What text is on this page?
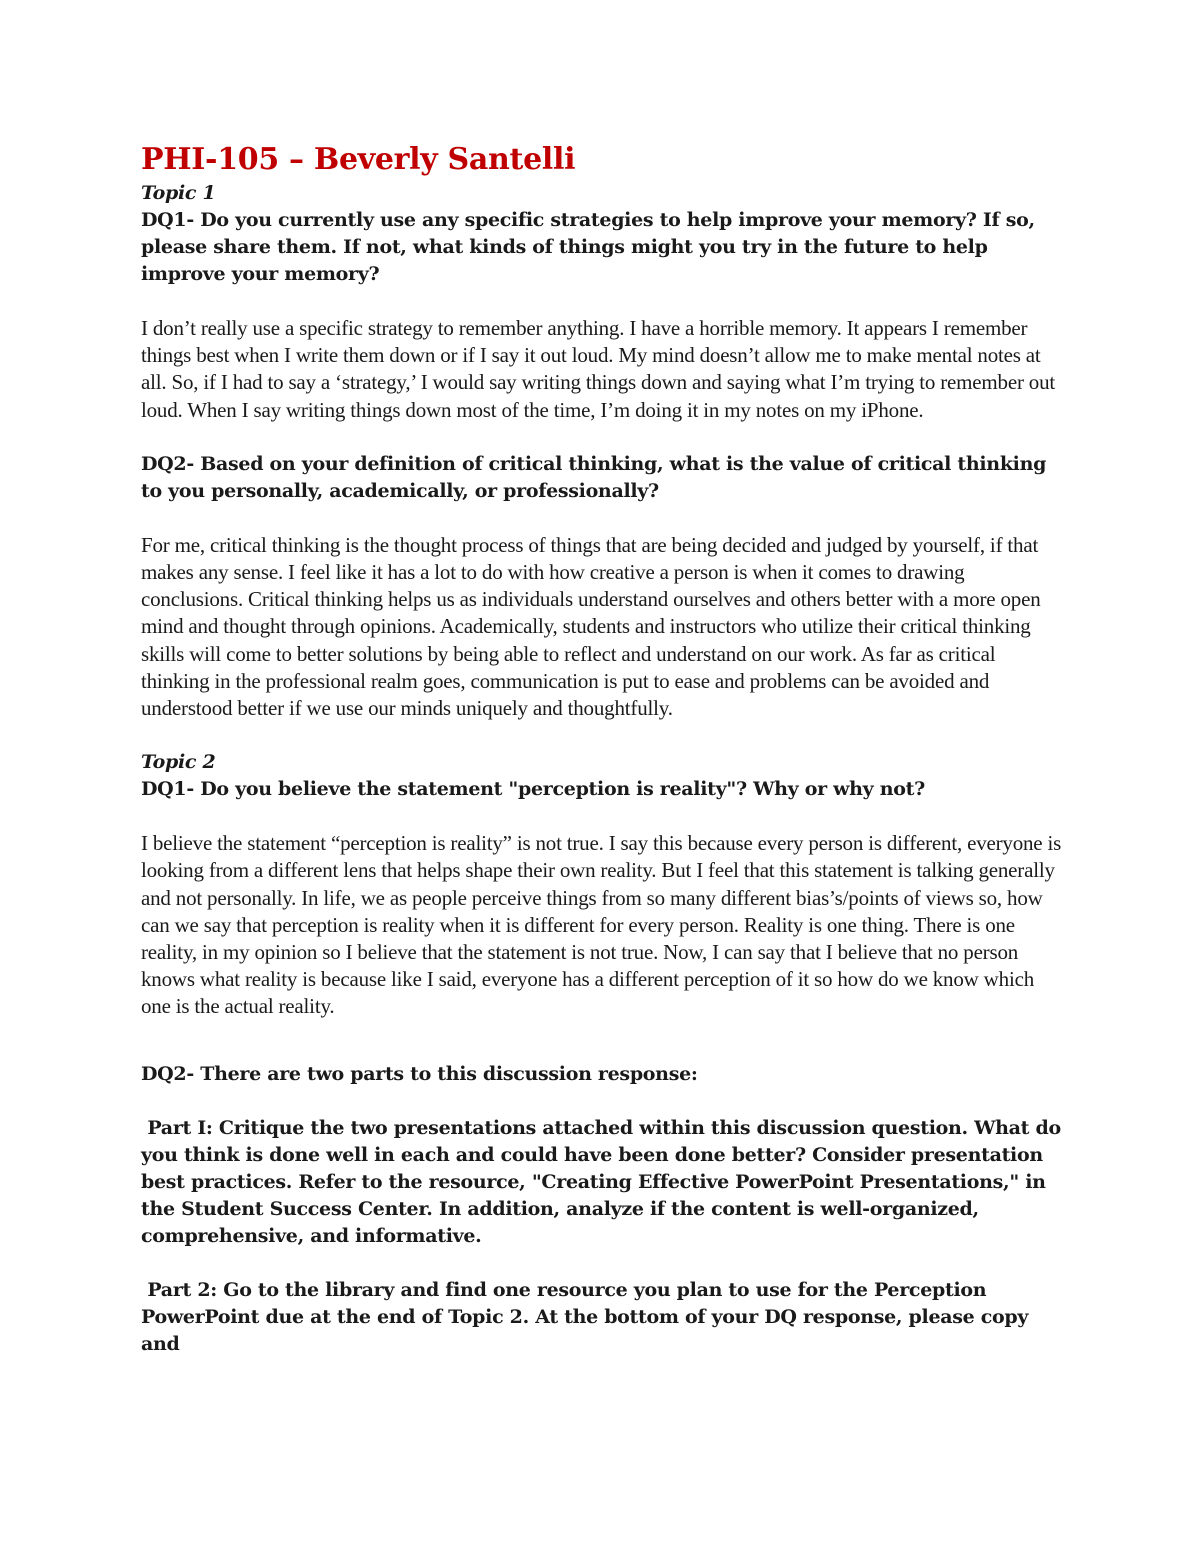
PHI-105 – Beverly Santelli

Topic 1

DQ1- Do you currently use any specific strategies to help improve your memory? If so, please share them. If not, what kinds of things might you try in the future to help improve your memory?

I don’t really use a specific strategy to remember anything. I have a horrible memory. It appears I remember things best when I write them down or if I say it out loud. My mind doesn’t allow me to make mental notes at all. So, if I had to say a ‘strategy,’ I would say writing things down and saying what I’m trying to remember out loud. When I say writing things down most of the time, I’m doing it in my notes on my iPhone.

DQ2- Based on your definition of critical thinking, what is the value of critical thinking to you personally, academically, or professionally?

For me, critical thinking is the thought process of things that are being decided and judged by yourself, if that makes any sense. I feel like it has a lot to do with how creative a person is when it comes to drawing conclusions. Critical thinking helps us as individuals understand ourselves and others better with a more open mind and thought through opinions. Academically, students and instructors who utilize their critical thinking skills will come to better solutions by being able to reflect and understand on our work. As far as critical thinking in the professional realm goes, communication is put to ease and problems can be avoided and understood better if we use our minds uniquely and thoughtfully.

Topic 2

DQ1- Do you believe the statement "perception is reality"? Why or why not?

I believe the statement “perception is reality” is not true. I say this because every person is different, everyone is looking from a different lens that helps shape their own reality. But I feel that this statement is talking generally and not personally. In life, we as people perceive things from so many different bias’s/points of views so, how can we say that perception is reality when it is different for every person. Reality is one thing. There is one reality, in my opinion so I believe that the statement is not true. Now, I can say that I believe that no person knows what reality is because like I said, everyone has a different perception of it so how do we know which one is the actual reality.

DQ2- There are two parts to this discussion response:

Part I: Critique the two presentations attached within this discussion question. What do you think is done well in each and could have been done better? Consider presentation best practices. Refer to the resource, "Creating Effective PowerPoint Presentations," in the Student Success Center. In addition, analyze if the content is well-organized, comprehensive, and informative.

Part 2: Go to the library and find one resource you plan to use for the Perception PowerPoint due at the end of Topic 2. At the bottom of your DQ response, please copy and
